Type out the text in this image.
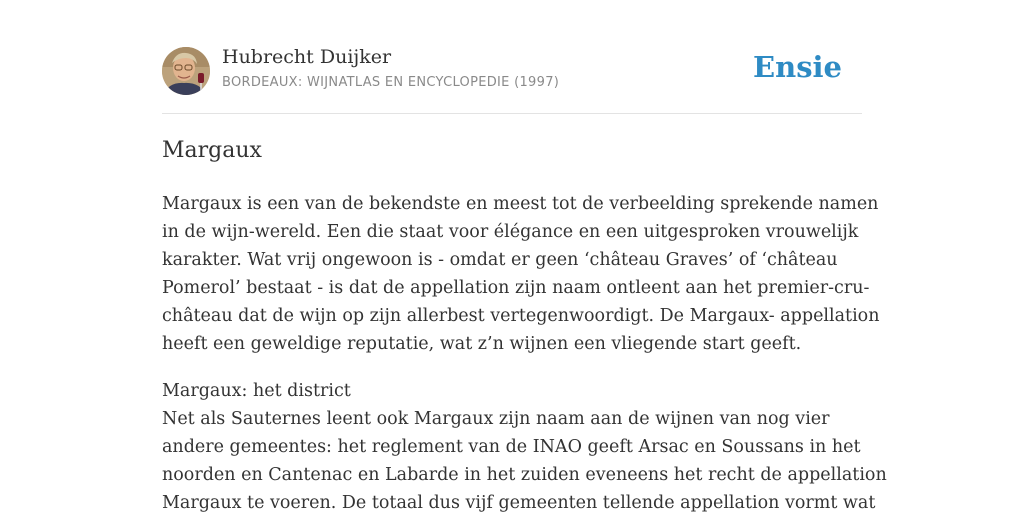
Hubrecht Duijker
BORDEAUX: WIJNATLAS EN ENCYCLOPEDIE (1997)	Ensie
Margaux
Margaux is een van de bekendste en meest tot de verbeelding sprekende namen
in de wijn-wereld. Een die staat voor élégance en een uitgesproken vrouwelijk
karakter. Wat vrij ongewoon is - omdat er geen ‘château Graves’ of ‘château
Pomerol’ bestaat - is dat de appellation zijn naam ontleent aan het premier-cru-
château dat de wijn op zijn allerbest vertegenwoordigt. De Margaux- appellation
heeft een geweldige reputatie, wat z’n wijnen een vliegende start geeft.
Margaux: het district
Net als Sauternes leent ook Margaux zijn naam aan de wijnen van nog vier
andere gemeentes: het reglement van de INAO geeft Arsac en Soussans in het
noorden en Cantenac en Labarde in het zuiden eveneens het recht de appellation
Margaux te voeren. De totaal dus vijf gemeenten tellende appellation vormt wat
